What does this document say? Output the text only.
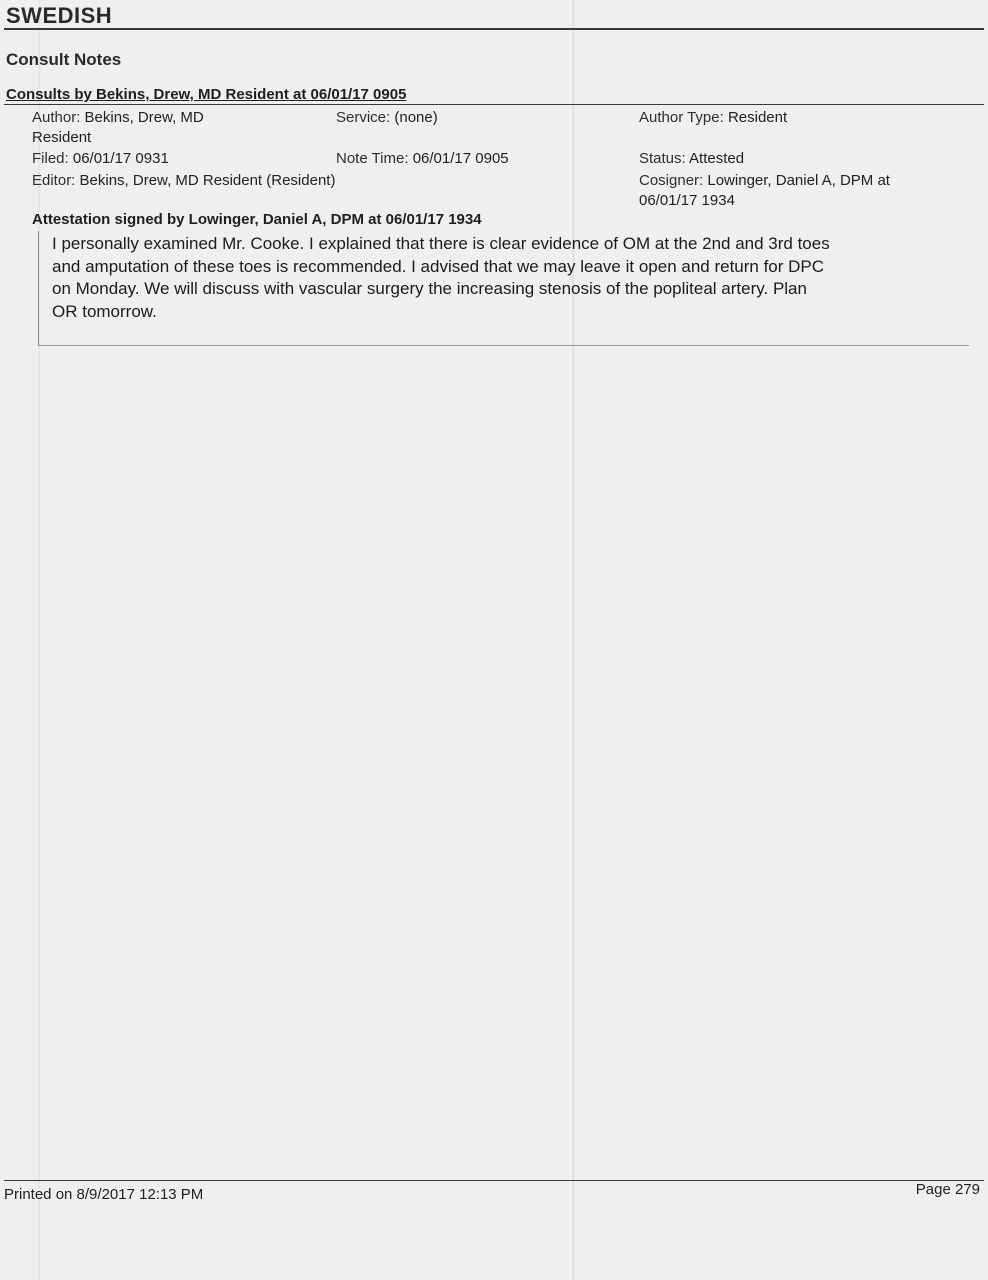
SWEDISH
Consult Notes
Consults by Bekins, Drew, MD Resident at 06/01/17 0905
Author: Bekins, Drew, MD
Resident
Filed: 06/01/17 0931
Editor: Bekins, Drew, MD Resident (Resident)
Service: (none)
Note Time: 06/01/17 0905
Author Type: Resident
Status: Attested
Cosigner: Lowinger, Daniel A, DPM at
06/01/17 1934
Attestation signed by Lowinger, Daniel A, DPM at 06/01/17 1934

I personally examined Mr. Cooke. I explained that there is clear evidence of OM at the 2nd and 3rd toes
and amputation of these toes is recommended. I advised that we may leave it open and return for DPC
on Monday. We will discuss with vascular surgery the increasing stenosis of the popliteal artery. Plan
OR tomorrow.

Printed on 8/9/2017 12:13 PM	Page 279
